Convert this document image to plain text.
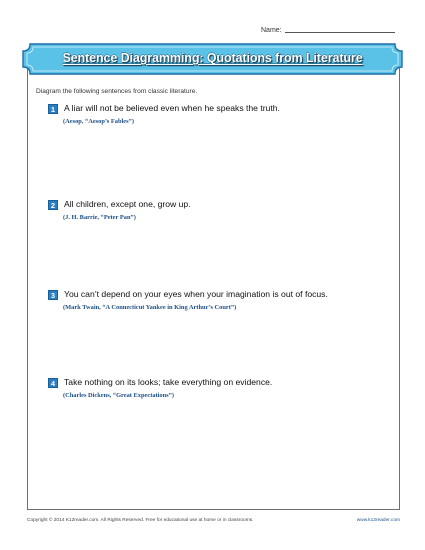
Name:
Sentence Diagramming: Quotations from Literature
Diagram the following sentences from classic literature.
1	A liar will not be believed even when he speaks the truth.
(Aesop, “Aesop’s Fables”)
2	All children, except one, grow up.
(J. H. Barrie, “Peter Pan”)
3	You can’t depend on your eyes when your imagination is out of focus.
(Mark Twain, “A Connecticut Yankee in King Arthur’s Court”)
4	Take nothing on its looks; take everything on evidence.
(Charles Dickens, “Great Expectations”)
Copyright © 2014 K12reader.com. All Rights Reserved. Free for educational use at home or in classrooms.	www.k12reader.com
